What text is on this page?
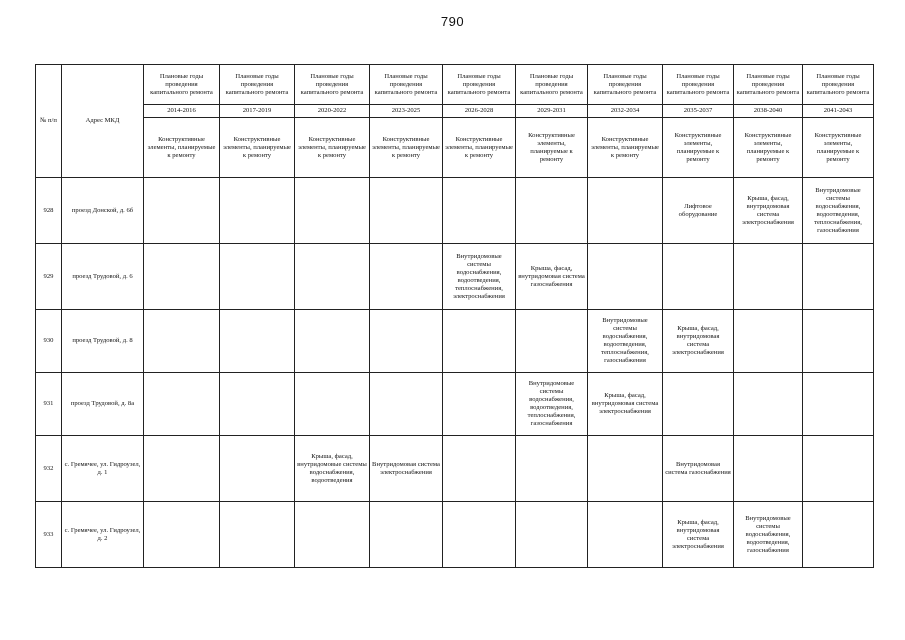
790
№ п/п	Адрес МКД	Плановые годы проведения капитального ремонта	Плановые годы проведения капитального ремонта	Плановые годы проведения капитального ремонта	Плановые годы проведения капитального ремонта	Плановые годы проведения капитального ремонта	Плановые годы проведения капитального ремонта	Плановые годы проведения капитального ремонта	Плановые годы проведения капитального ремонта	Плановые годы проведения капитального ремонта	Плановые годы проведения капитального ремонта
		2014-2016	2017-2019	2020-2022	2023-2025	2026-2028	2029-2031	2032-2034	2035-2037	2038-2040	2041-2043
		Конструктивные элементы, планируемые к ремонту	Конструктивные элементы, планируемые к ремонту	Конструктивные элементы, планируемые к ремонту	Конструктивные элементы, планируемые к ремонту	Конструктивные элементы, планируемые к ремонту	Конструктивные элементы, планируемые к ремонту	Конструктивные элементы, планируемые к ремонту	Конструктивные элементы, планируемые к ремонту	Конструктивные элементы, планируемые к ремонту	Конструктивные элементы, планируемые к ремонту
928	проезд Донской, д. 6б								Лифтовое оборудование	Крыша, фасад, внутридомовая система электроснабжения	Внутридомовые системы водоснабжения, водоотведения, теплоснабжения, газоснабжения
929	проезд Трудовой, д. 6					Внутридомовые системы водоснабжения, водоотведения, теплоснабжения, электроснабжения	Крыша, фасад, внутридомовая система газоснабжения				
930	проезд Трудовой, д. 8							Внутридомовые системы водоснабжения, водоотведения, теплоснабжения, газоснабжения	Крыша, фасад, внутридомовая система электроснабжения		
931	проезд Трудовой, д. 8а						Внутридомовые системы водоснабжения, водоотведения, теплоснабжения, газоснабжения	Крыша, фасад, внутридомовая система электроснабжения			
932	с. Гремячее, ул. Гидроузел, д. 1			Крыша, фасад, внутридомовые системы водоснабжения, водоотведения	Внутридомовая система электроснабжения				Внутридомовая система газоснабжения		
933	с. Гремячее, ул. Гидроузел, д. 2								Крыша, фасад, внутридомовая система электроснабжения	Внутридомовые системы водоснабжения, водоотведения, газоснабжения	
